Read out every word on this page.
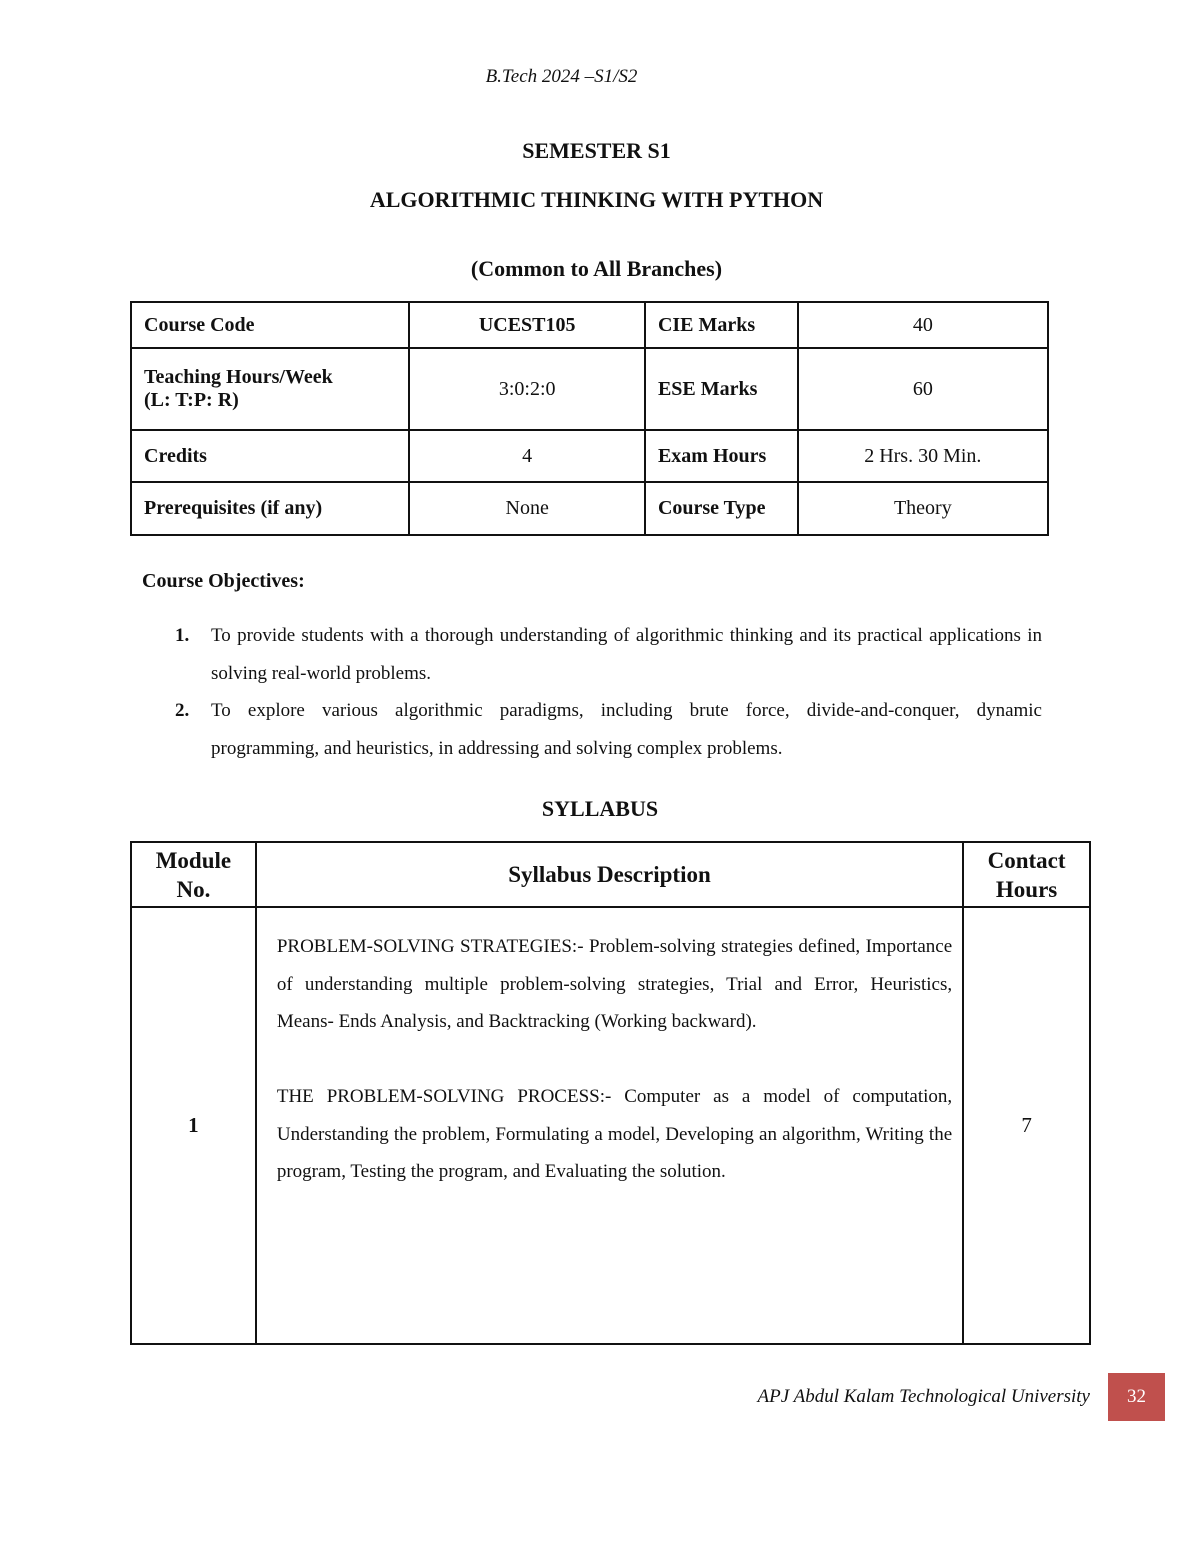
B.Tech 2024 –S1/S2
SEMESTER S1
ALGORITHMIC THINKING WITH PYTHON
(Common to All Branches)
Course Code	UCEST105	CIE Marks	40
Teaching Hours/Week
(L: T:P: R)	3:0:2:0	ESE Marks	60
Credits	4	Exam Hours	2 Hrs. 30 Min.
Prerequisites (if any)	None	Course Type	Theory
Course Objectives:
1. To provide students with a thorough understanding of algorithmic thinking and its practical applications in solving real-world problems.
2. To explore various algorithmic paradigms, including brute force, divide-and-conquer, dynamic programming, and heuristics, in addressing and solving complex problems.
SYLLABUS
Module
No.	Syllabus Description	Contact
Hours
1	PROBLEM-SOLVING STRATEGIES:- Problem-solving strategies defined, Importance of understanding multiple problem-solving strategies, Trial and Error, Heuristics, Means- Ends Analysis, and Backtracking (Working backward).

THE PROBLEM-SOLVING PROCESS:- Computer as a model of computation, Understanding the problem, Formulating a model, Developing an algorithm, Writing the program, Testing the program, and Evaluating the solution.	7
APJ Abdul Kalam Technological University	32
